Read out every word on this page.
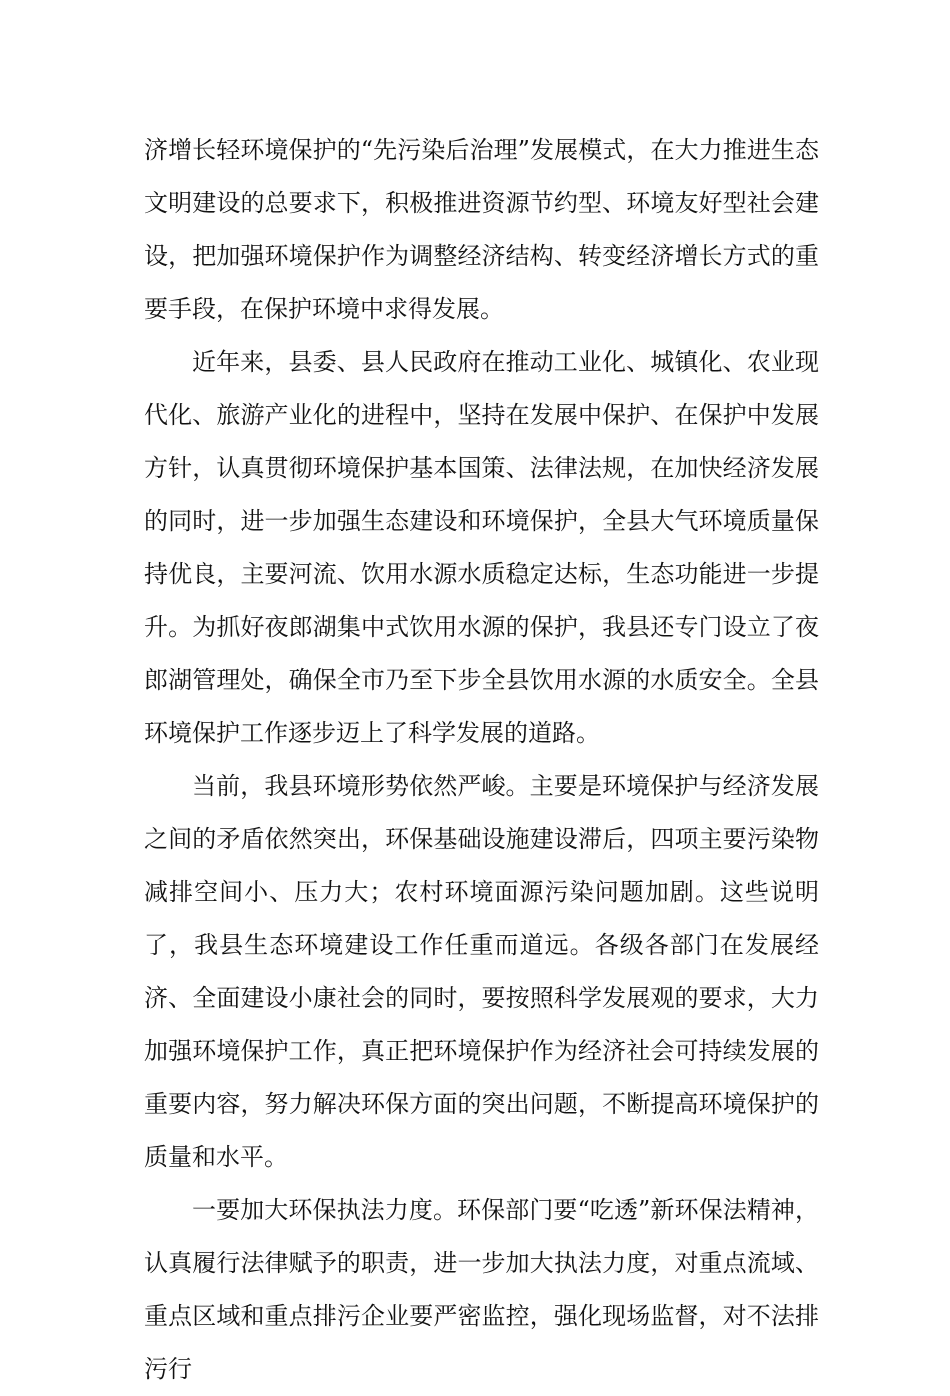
济增长轻环境保护的“先污染后治理”发展模式，在大力推进生态文明建设的总要求下，积极推进资源节约型、环境友好型社会建设，把加强环境保护作为调整经济结构、转变经济增长方式的重要手段，在保护环境中求得发展。

近年来，县委、县人民政府在推动工业化、城镇化、农业现代化、旅游产业化的进程中，坚持在发展中保护、在保护中发展方针，认真贯彻环境保护基本国策、法律法规，在加快经济发展的同时，进一步加强生态建设和环境保护，全县大气环境质量保持优良，主要河流、饮用水源水质稳定达标，生态功能进一步提升。为抓好夜郎湖集中式饮用水源的保护，我县还专门设立了夜郎湖管理处，确保全市乃至下步全县饮用水源的水质安全。全县环境保护工作逐步迈上了科学发展的道路。

当前，我县环境形势依然严峻。主要是环境保护与经济发展之间的矛盾依然突出，环保基础设施建设滞后，四项主要污染物减排空间小、压力大；农村环境面源污染问题加剧。这些说明了，我县生态环境建设工作任重而道远。各级各部门在发展经济、全面建设小康社会的同时，要按照科学发展观的要求，大力加强环境保护工作，真正把环境保护作为经济社会可持续发展的重要内容，努力解决环保方面的突出问题，不断提高环境保护的质量和水平。

一要加大环保执法力度。环保部门要“吃透”新环保法精神，认真履行法律赋予的职责，进一步加大执法力度，对重点流域、重点区域和重点排污企业要严密监控，强化现场监督，对不法排污行
